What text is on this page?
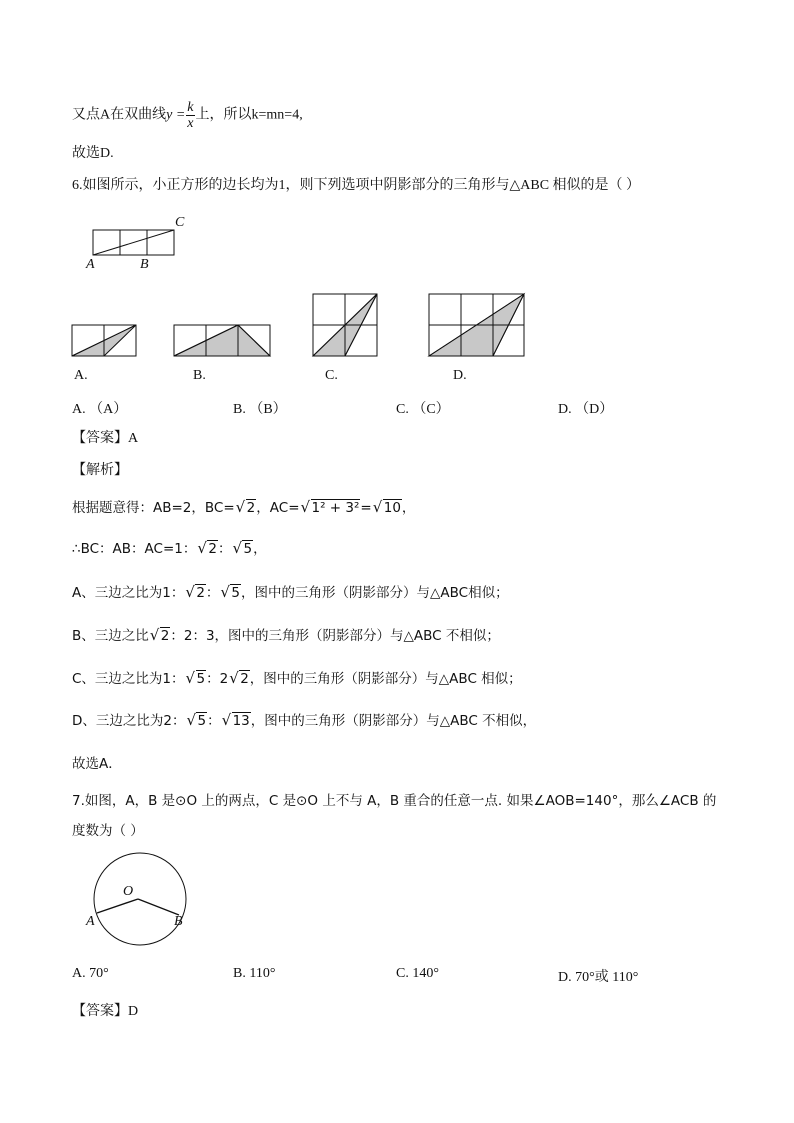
又点A在双曲线$y = \frac{k}{x}$ 上，所以k=mn=4,
故选D.
6.如图所示，小正方形的边长均为1，则下列选项中阴影部分的三角形与△ABC 相似的是（ ）
C
A	B
A.	B.	C.	D.
A. （A）	B. （B）	C. （C）	D. （D）
【答案】A
【解析】
根据题意得：AB=2，BC= √ 2，AC= √ 1² + 3²= √ 10，
∴BC：AB：AC=1： √ 2： √ 5，
A、三边之比为1： √ 2： √ 5，图中的三角形（阴影部分）与△ABC相似；
B、三边之比 √ 2：2：3，图中的三角形（阴影部分）与△ABC 不相似；
C、三边之比为1： √ 5：2 √ 2，图中的三角形（阴影部分）与△ABC 相似；
D、三边之比为2： √ 5： √ 13，图中的三角形（阴影部分）与△ABC 不相似，
故选A．
7.如图，A，B 是⊙O 上的两点，C 是⊙O 上不与 A，B 重合的任意一点. 如果∠AOB=140°，那么∠ACB 的
度数为（ ）
O
A	B
A. 70°	B. 110°	C. 140°	D. 70°或 110°
【答案】D
